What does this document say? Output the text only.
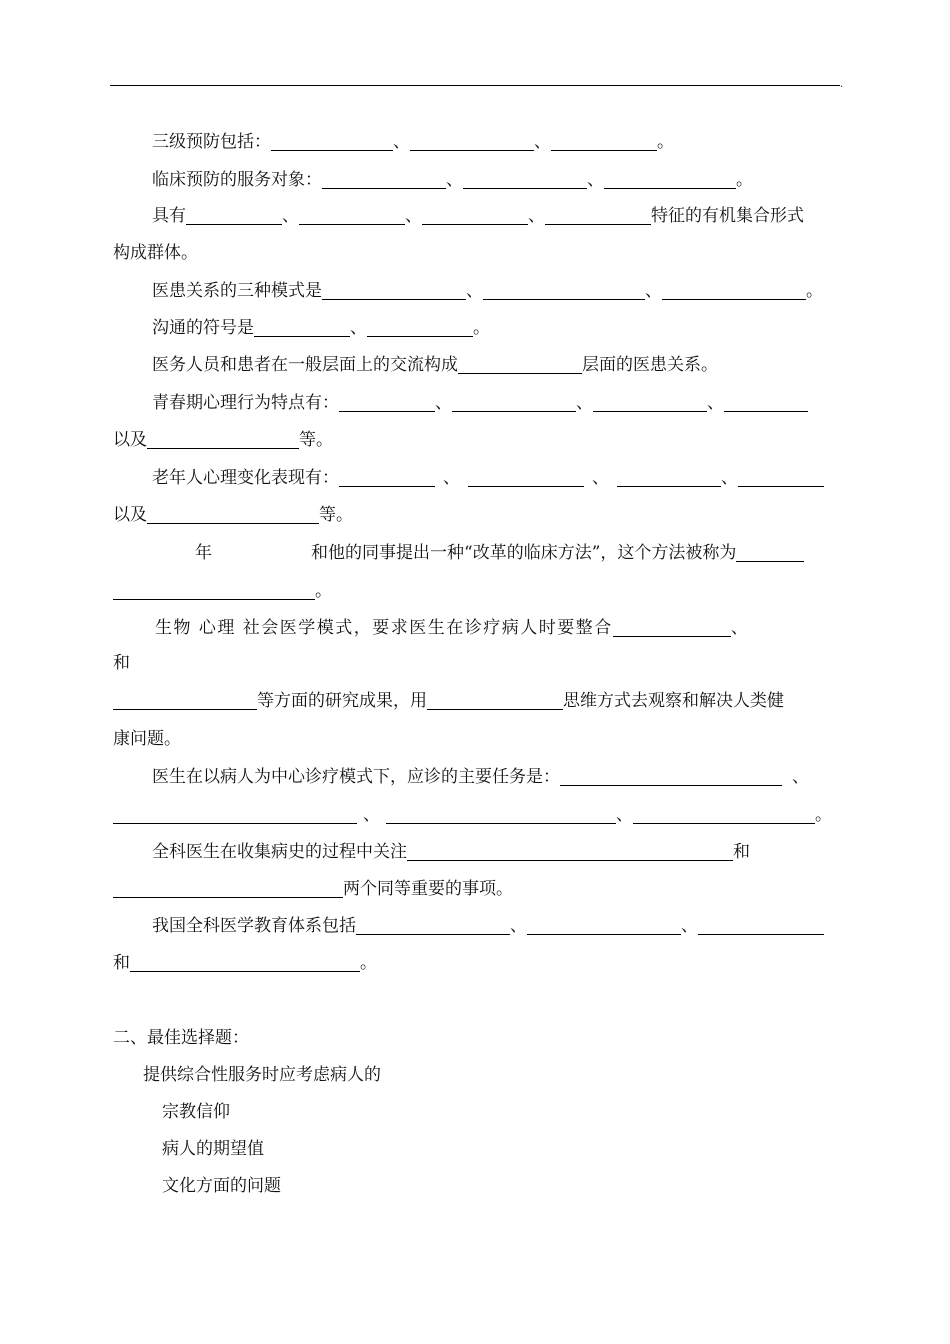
.
三级预防包括：	、	、	。
临床预防的服务对象：	、	、	。
具有	、	、	、	特征的有机集合形式
构成群体。
医患关系的三种模式是	、	、	。
沟通的符号是	、	。
医务人员和患者在一般层面上的交流构成	层面的医患关系。
青春期心理行为特点有：	、	、	、
以及	等。
老年人心理变化表现有：	、	、	、
以及	等。
年	和他的同事提出一种“改革的临床方法”，这个方法被称为
。
生物 心理 社会医学模式，要求医生在诊疗病人时要整合	、
和
等方面的研究成果，用	思维方式去观察和解决人类健
康问题。
医生在以病人为中心诊疗模式下，应诊的主要任务是：	、
、	、	。
全科医生在收集病史的过程中关注	和
两个同等重要的事项。
我国全科医学教育体系包括	、	、
和	。
二、最佳选择题：
提供综合性服务时应考虑病人的
宗教信仰
病人的期望值
文化方面的问题
